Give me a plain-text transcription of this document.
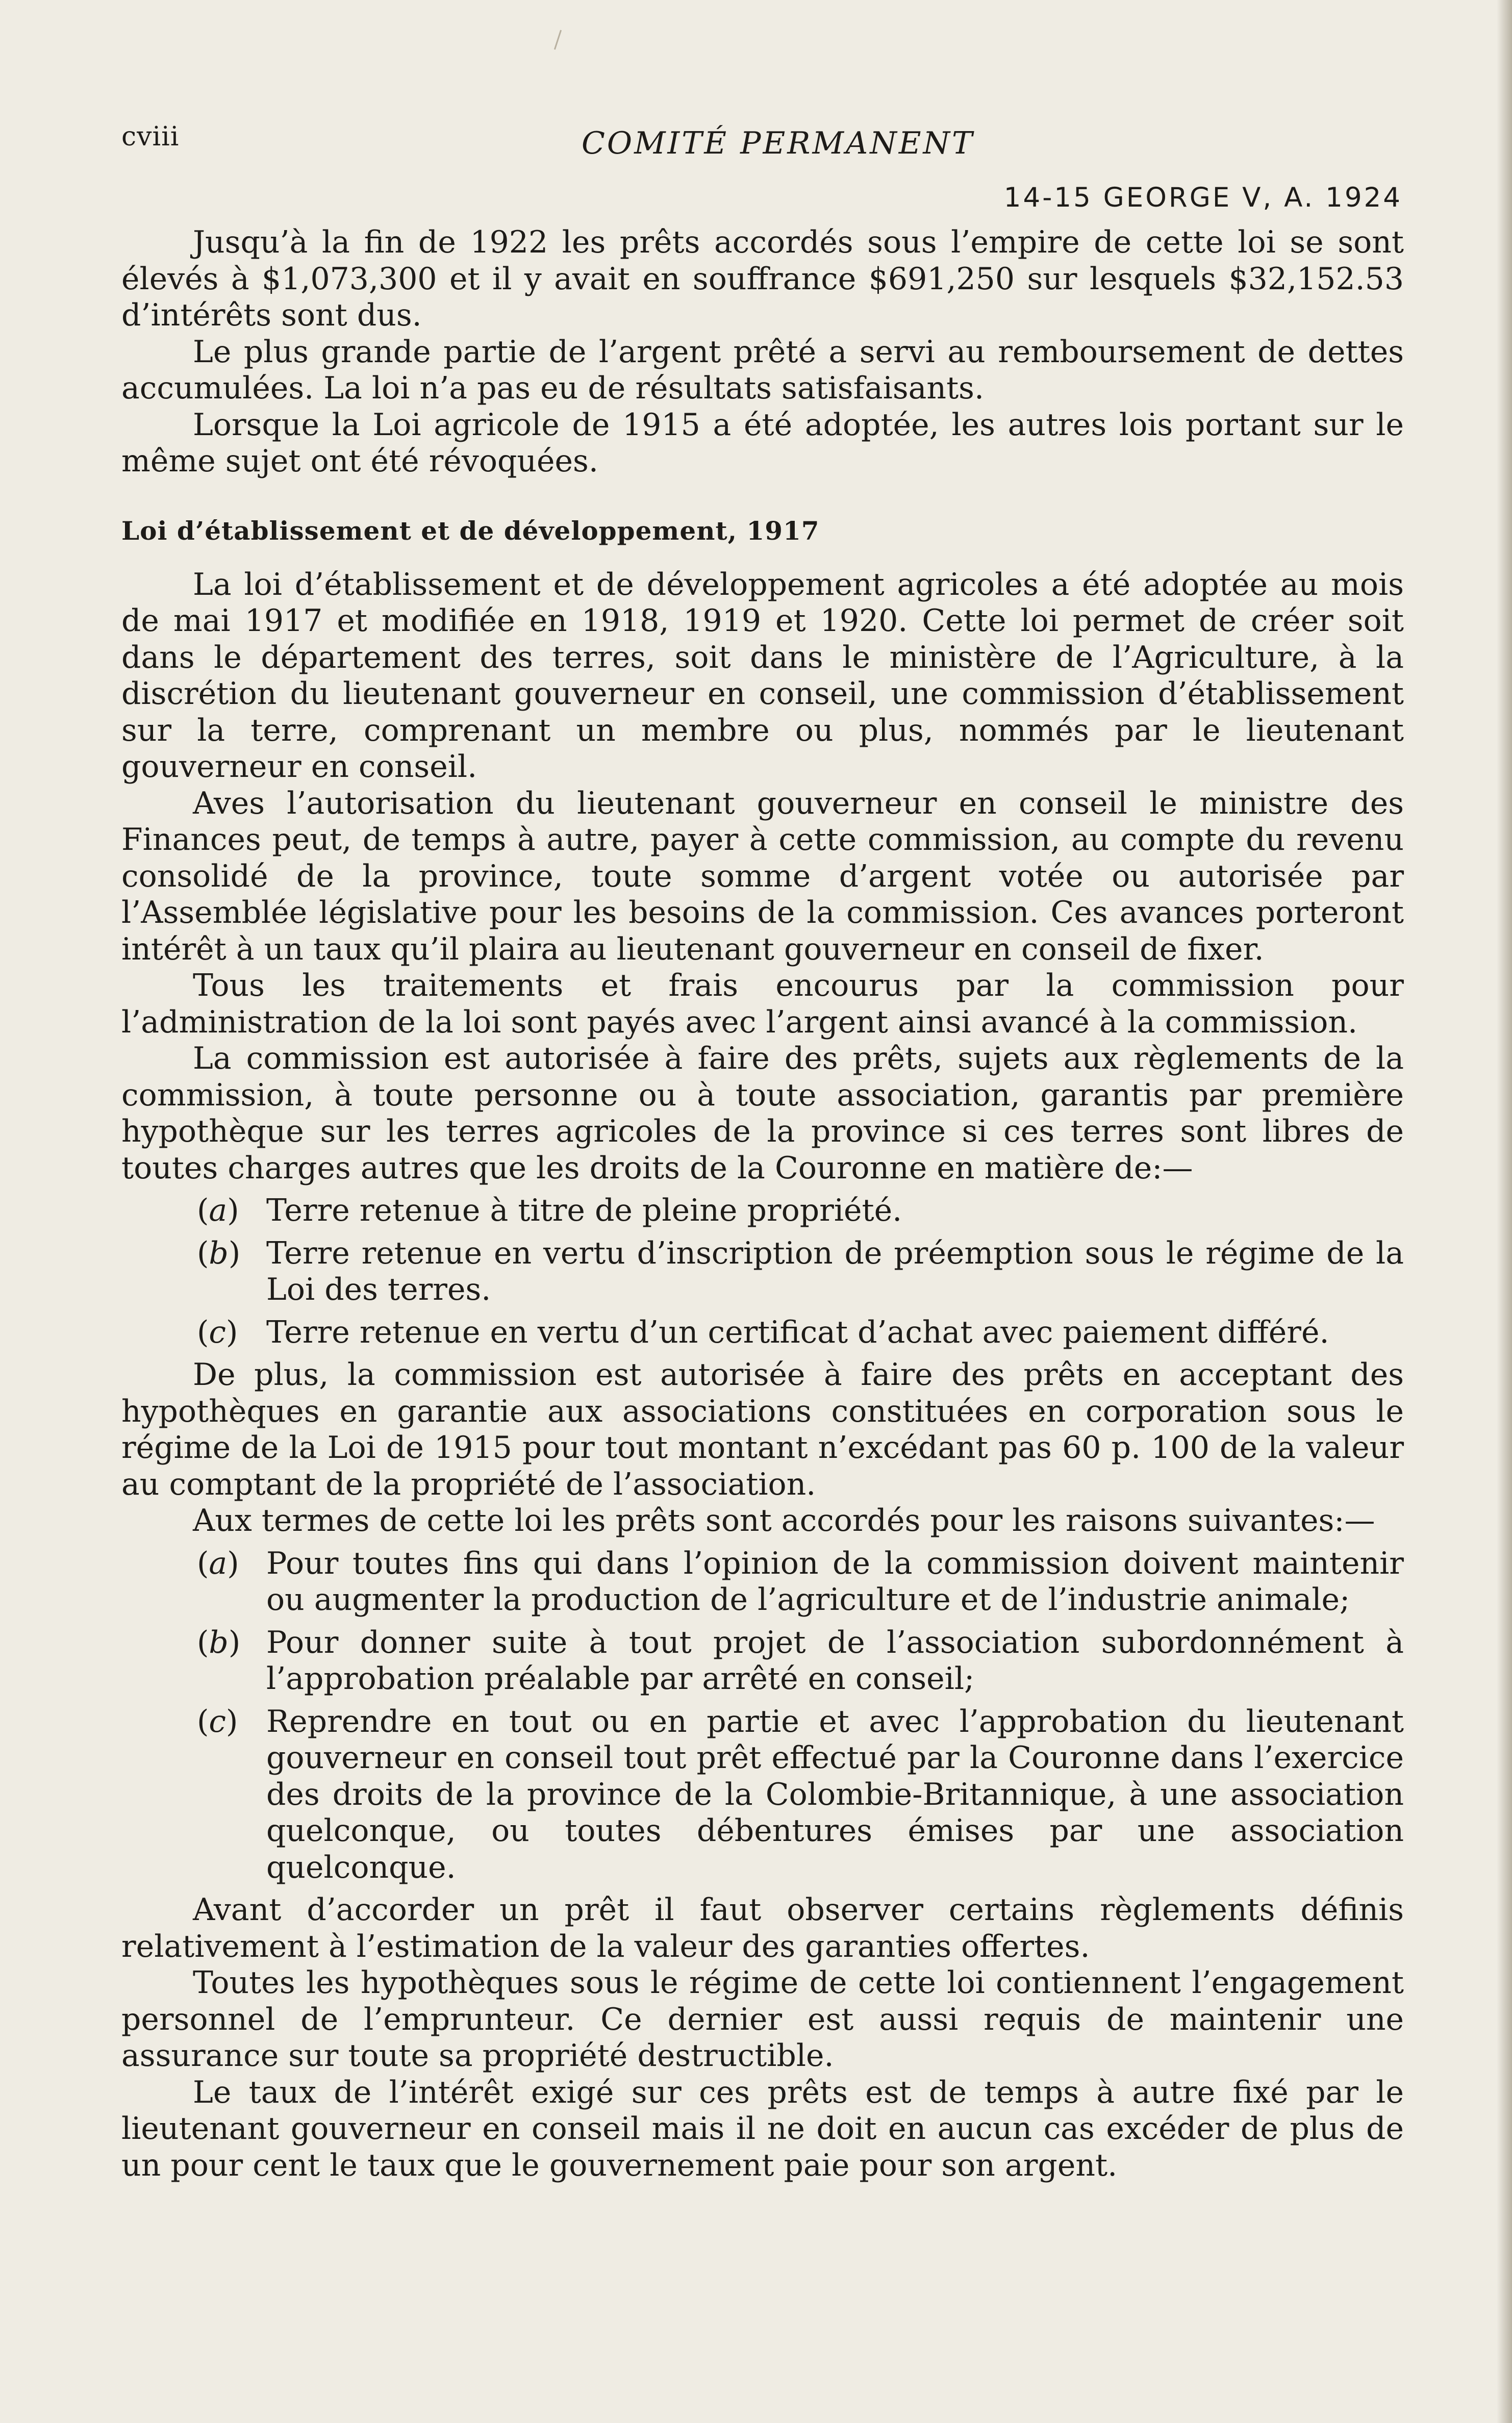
cviii	COMITÉ PERMANENT
14-15 GEORGE V, A. 1924

Jusqu’à la fin de 1922 les prêts accordés sous l’empire de cette loi se sont élevés à $1,073,300 et il y avait en souffrance $691,250 sur lesquels $32,152.53 d’intérêts sont dus.

Le plus grande partie de l’argent prêté a servi au remboursement de dettes accumulées. La loi n’a pas eu de résultats satisfaisants.

Lorsque la Loi agricole de 1915 a été adoptée, les autres lois portant sur le même sujet ont été révoquées.

Loi d’établissement et de développement, 1917

La loi d’établissement et de développement agricoles a été adoptée au mois de mai 1917 et modifiée en 1918, 1919 et 1920. Cette loi permet de créer soit dans le département des terres, soit dans le ministère de l’Agriculture, à la discrétion du lieutenant gouverneur en conseil, une commission d’établissement sur la terre, comprenant un membre ou plus, nommés par le lieutenant gouverneur en conseil.

Aves l’autorisation du lieutenant gouverneur en conseil le ministre des Finances peut, de temps à autre, payer à cette commission, au compte du revenu consolidé de la province, toute somme d’argent votée ou autorisée par l’Assemblée législative pour les besoins de la commission. Ces avances porteront intérêt à un taux qu’il plaira au lieutenant gouverneur en conseil de fixer.

Tous les traitements et frais encourus par la commission pour l’administration de la loi sont payés avec l’argent ainsi avancé à la commission.

La commission est autorisée à faire des prêts, sujets aux règlements de la commission, à toute personne ou à toute association, garantis par première hypothèque sur les terres agricoles de la province si ces terres sont libres de toutes charges autres que les droits de la Couronne en matière de:—

(a) Terre retenue à titre de pleine propriété.
(b) Terre retenue en vertu d’inscription de préemption sous le régime de la Loi des terres.
(c) Terre retenue en vertu d’un certificat d’achat avec paiement différé.

De plus, la commission est autorisée à faire des prêts en acceptant des hypothèques en garantie aux associations constituées en corporation sous le régime de la Loi de 1915 pour tout montant n’excédant pas 60 p. 100 de la valeur au comptant de la propriété de l’association.

Aux termes de cette loi les prêts sont accordés pour les raisons suivantes:—

(a) Pour toutes fins qui dans l’opinion de la commission doivent maintenir ou augmenter la production de l’agriculture et de l’industrie animale;
(b) Pour donner suite à tout projet de l’association subordonnément à l’approbation préalable par arrêté en conseil;
(c) Reprendre en tout ou en partie et avec l’approbation du lieutenant gouverneur en conseil tout prêt effectué par la Couronne dans l’exercice des droits de la province de la Colombie-Britannique, à une association quelconque, ou toutes débentures émises par une association quelconque.

Avant d’accorder un prêt il faut observer certains règlements définis relativement à l’estimation de la valeur des garanties offertes.

Toutes les hypothèques sous le régime de cette loi contiennent l’engagement personnel de l’emprunteur. Ce dernier est aussi requis de maintenir une assurance sur toute sa propriété destructible.

Le taux de l’intérêt exigé sur ces prêts est de temps à autre fixé par le lieutenant gouverneur en conseil mais il ne doit en aucun cas excéder de plus de un pour cent le taux que le gouvernement paie pour son argent.
